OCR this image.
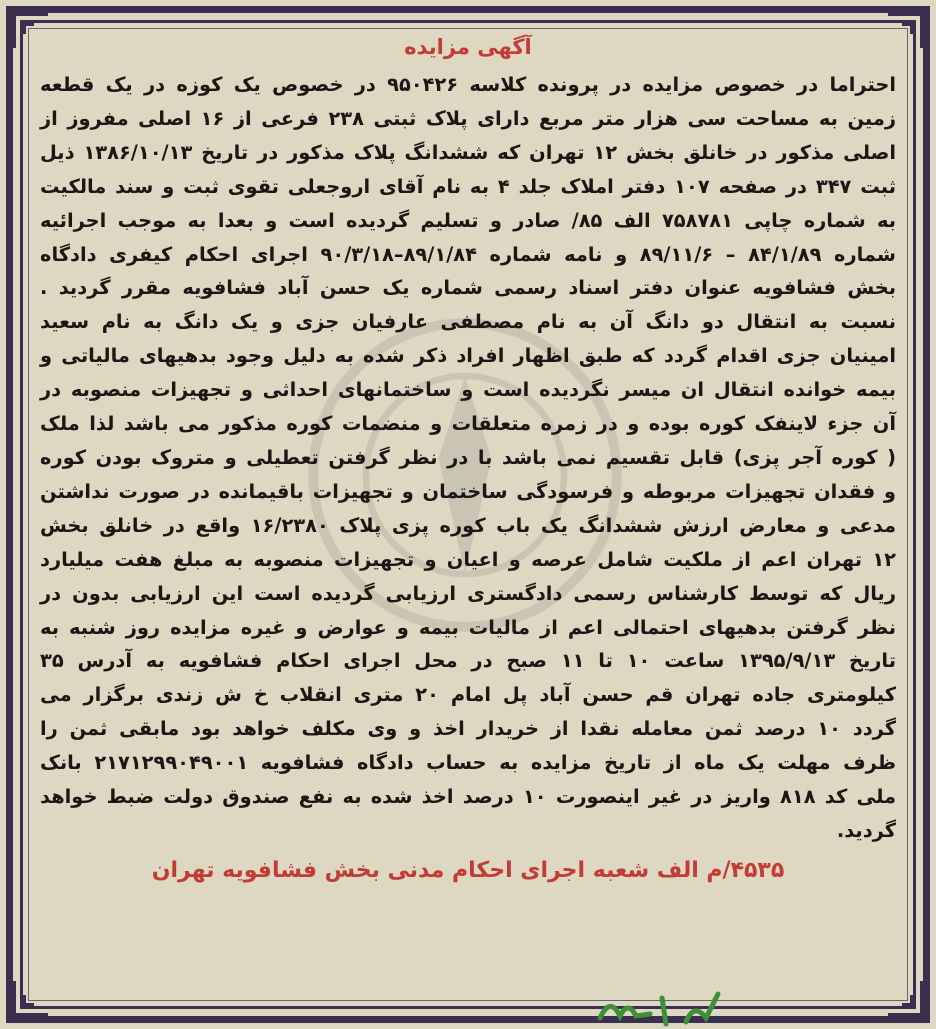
آگهی مزایده

احتراما در خصوص مزایده در پرونده کلاسه ۹۵۰۴۲۶ در خصوص یک کوزه در یک قطعه زمین به مساحت سی هزار متر مربع دارای پلاک ثبتی ۲۳۸ فرعی از ۱۶ اصلی مفروز از اصلی مذکور در خانلق بخش ۱۲ تهران که ششدانگ پلاک مذکور در تاریخ ۱۳۸۶/۱۰/۱۳ ذیل ثبت ۳۴۷ در صفحه ۱۰۷ دفتر املاک جلد ۴ به نام آقای اروجعلی تقوی ثبت و سند مالکیت به شماره چاپی ۷۵۸۷۸۱ الف ۸۵/ صادر و تسلیم گردیده است و بعدا به موجب اجرائیه شماره ۸۴/۱/۸۹ – ۸۹/۱۱/۶ و نامه شماره ۸۹/۱/۸۴–۹۰/۳/۱۸ اجرای احکام کیفری دادگاه بخش فشافویه عنوان دفتر اسناد رسمی شماره یک حسن آباد فشافویه مقرر گردید . نسبت به انتقال دو دانگ آن به نام مصطفی عارفیان جزی و یک دانگ به نام سعید امینیان جزی اقدام گردد که طبق اظهار افراد ذکر شده به دلیل وجود بدهیهای مالیاتی و بیمه خوانده انتقال ان میسر نگردیده است و ساختمانهای احداثی و تجهیزات منصوبه در آن جزء لاینفک کوره بوده و در زمره متعلقات و منضمات کوره مذکور می باشد لذا ملک ( کوره آجر پزی) قابل تقسیم نمی باشد با در نظر گرفتن تعطیلی و متروک بودن کوره و فقدان تجهیزات مربوطه و فرسودگی ساختمان و تجهیزات باقیمانده در صورت نداشتن مدعی و معارض ارزش ششدانگ یک باب کوره پزی پلاک ۱۶/۲۳۸۰ واقع در خانلق بخش ۱۲ تهران اعم از ملکیت شامل عرصه و اعیان و تجهیزات منصوبه به مبلغ هفت میلیارد ریال که توسط کارشناس رسمی دادگستری ارزیابی گردیده است این ارزیابی بدون در نظر گرفتن بدهیهای احتمالی اعم از مالیات بیمه و عوارض و غیره مزایده روز شنبه به تاریخ ۱۳۹۵/۹/۱۳ ساعت ۱۰ تا ۱۱ صبح در محل اجرای احکام فشافویه به آدرس ۳۵ کیلومتری جاده تهران قم حسن آباد پل امام ۲۰ متری انقلاب خ ش زندی برگزار می گردد ۱۰ درصد ثمن معامله نقدا از خریدار اخذ و وی مکلف خواهد بود مابقی ثمن را ظرف مهلت یک ماه از تاریخ مزایده به حساب دادگاه فشافویه ۲۱۷۱۲۹۹۰۴۹۰۰۱ بانک ملی کد ۸۱۸ واریز در غیر اینصورت ۱۰ درصد اخذ شده به نفع صندوق دولت ضبط خواهد گردید.

۴۵۳۵/م الف شعبه اجرای احکام مدنی بخش فشافویه تهران
